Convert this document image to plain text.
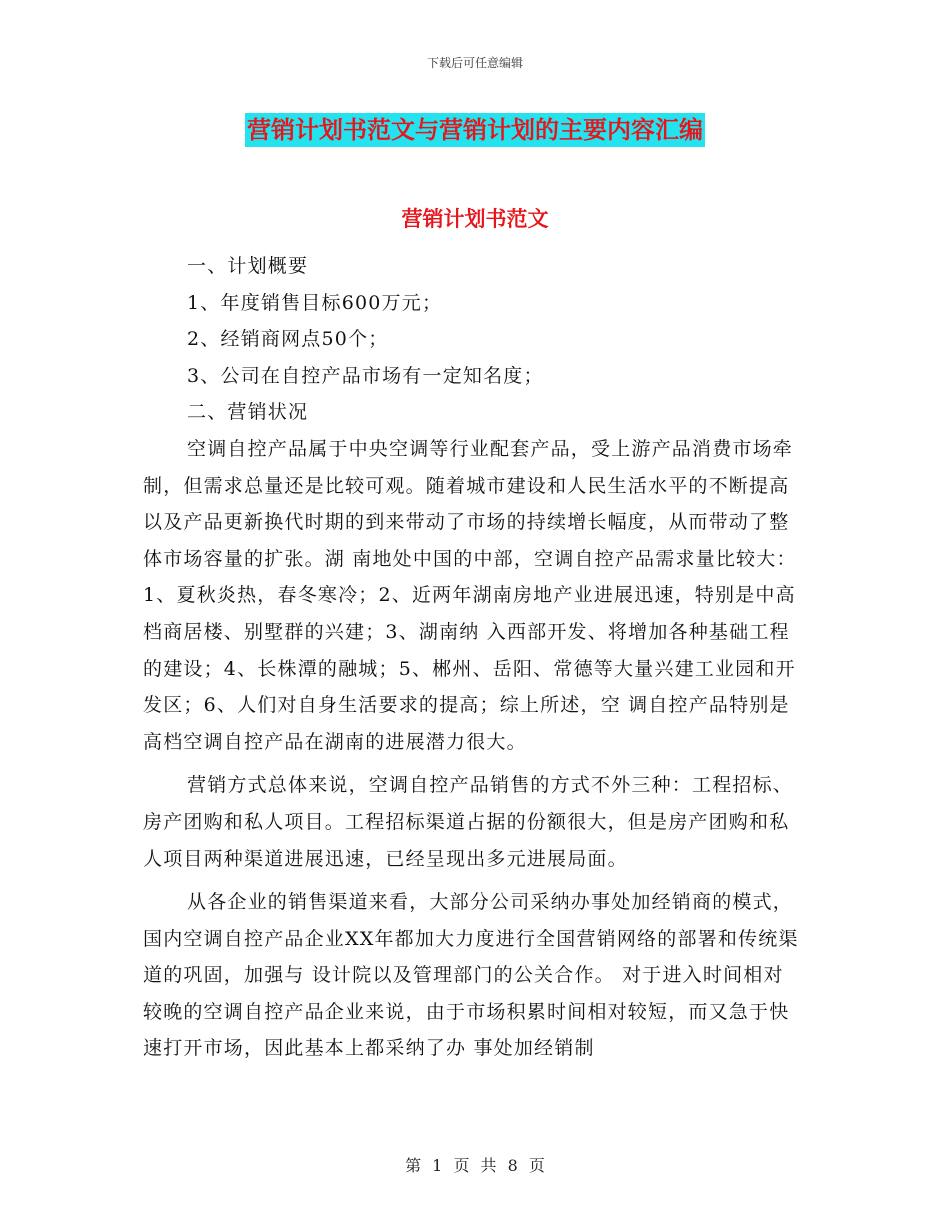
下载后可任意编辑
营销计划书范文与营销计划的主要内容汇编
营销计划书范文

一、计划概要

1、年度销售目标600万元；

2、经销商网点50个；

3、公司在自控产品市场有一定知名度；

二、营销状况

空调自控产品属于中央空调等行业配套产品，受上游产品消费市场牵制，但需求总量还是比较可观。随着城市建设和人民生活水平的不断提高以及产品更新换代时期的到来带动了市场的持续增长幅度，从而带动了整体市场容量的扩张。湖 南地处中国的中部，空调自控产品需求量比较大：1、夏秋炎热，春冬寒冷；2、近两年湖南房地产业进展迅速，特别是中高档商居楼、别墅群的兴建；3、湖南纳 入西部开发、将增加各种基础工程的建设；4、长株潭的融城；5、郴州、岳阳、常德等大量兴建工业园和开发区；6、人们对自身生活要求的提高；综上所述，空 调自控产品特别是高档空调自控产品在湖南的进展潜力很大。

营销方式总体来说，空调自控产品销售的方式不外三种：工程招标、房产团购和私人项目。工程招标渠道占据的份额很大，但是房产团购和私人项目两种渠道进展迅速，已经呈现出多元进展局面。

从各企业的销售渠道来看，大部分公司采纳办事处加经销商的模式，国内空调自控产品企业XX年都加大力度进行全国营销网络的部署和传统渠道的巩固，加强与 设计院以及管理部门的公关合作。 对于进入时间相对较晚的空调自控产品企业来说，由于市场积累时间相对较短，而又急于快速打开市场，因此基本上都采纳了办 事处加经销制

第 1 页 共 8 页
